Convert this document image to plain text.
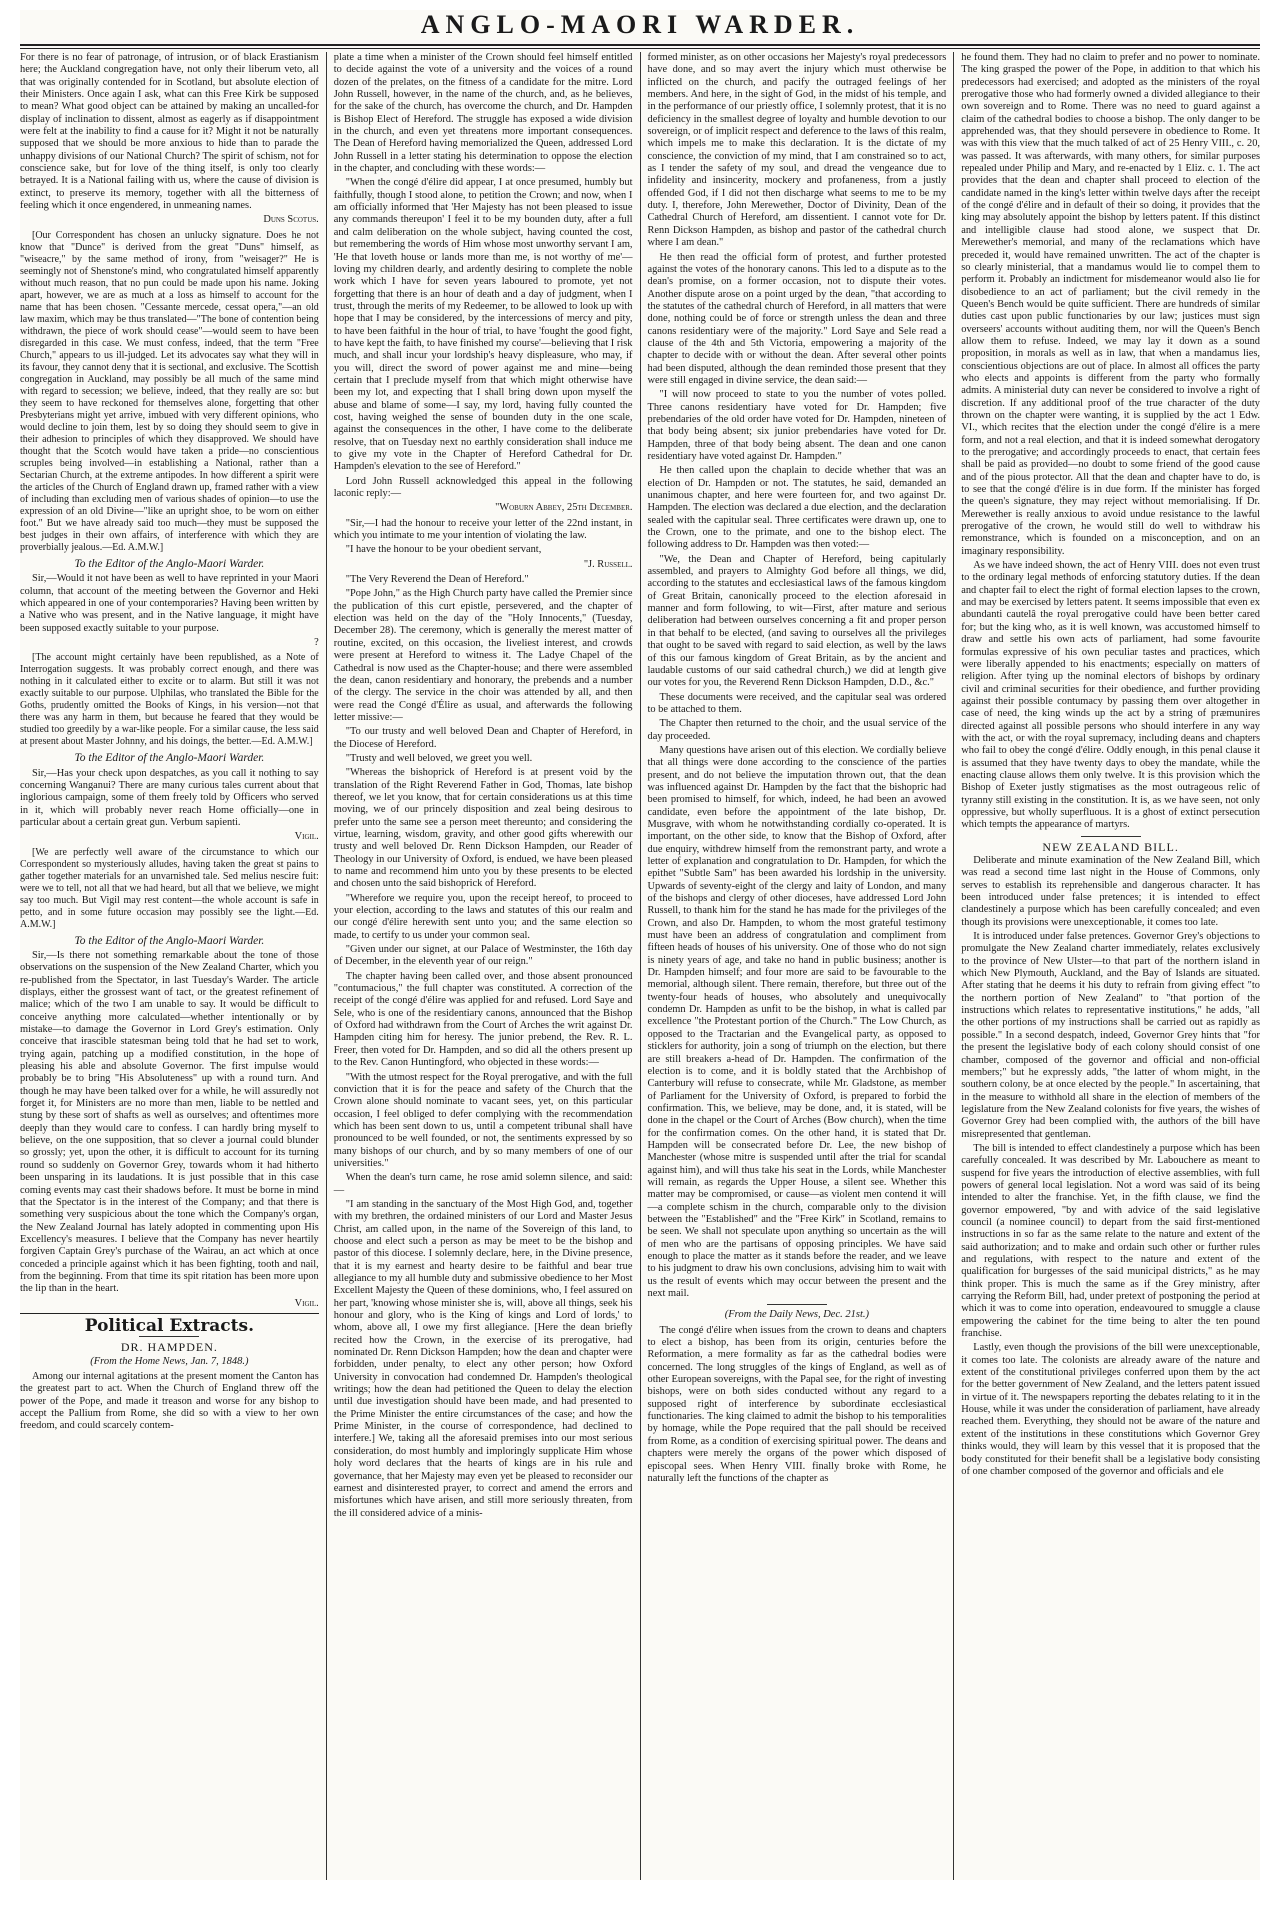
ANGLO-MAORI WARDER.

For there is no fear of patronage, of intrusion, or of black Erastianism here; the Auckland congregation have, not only their liberum veto, all that was originally contended for in Scotland, but absolute election of their Ministers. Once again I ask, what can this Free Kirk be supposed to mean? What good object can be attained by making an uncalled-for display of inclination to dissent, almost as eagerly as if disappointment were felt at the inability to find a cause for it? Might it not be naturally supposed that we should be more anxious to hide than to parade the unhappy divisions of our National Church? The spirit of schism, not for conscience sake, but for love of the thing itself, is only too clearly betrayed. It is a National failing with us, where the cause of division is extinct, to preserve its memory, together with all the bitterness of feeling which it once engendered, in unmeaning names.

Duns Scotus.

[Our Correspondent has chosen an unlucky signature. Does he not know that "Dunce" is derived from the great "Duns" himself, as "wiseacre," by the same method of irony, from "weisager?" He is seemingly not of Shenstone's mind, who congratulated himself apparently without much reason, that no pun could be made upon his name. Joking apart, however, we are as much at a loss as himself to account for the name that has been chosen. "Cessante mercede, cessat opera,"—an old law maxim, which may be thus translated—"The bone of contention being withdrawn, the piece of work should cease"—would seem to have been disregarded in this case. We must confess, indeed, that the term "Free Church," appears to us ill-judged. Let its advocates say what they will in its favour, they cannot deny that it is sectional, and exclusive. The Scottish congregation in Auckland, may possibly be all much of the same mind with regard to secession; we believe, indeed, that they really are so: but they seem to have reckoned for themselves alone, forgetting that other Presbyterians might yet arrive, imbued with very different opinions, who would decline to join them, lest by so doing they should seem to give in their adhesion to principles of which they disapproved. We should have thought that the Scotch would have taken a pride—no conscientious scruples being involved—in establishing a National, rather than a Sectarian Church, at the extreme antipodes. In how different a spirit were the articles of the Church of England drawn up, framed rather with a view of including than excluding men of various shades of opinion—to use the expression of an old Divine—"like an upright shoe, to be worn on either foot." But we have already said too much—they must be supposed the best judges in their own affairs, of interference with which they are proverbially jealous.—Ed. A.M.W.]

To the Editor of the Anglo-Maori Warder.

Sir,—Would it not have been as well to have reprinted in your Maori column, that account of the meeting between the Governor and Heki which appeared in one of your contemporaries? Having been written by a Native who was present, and in the Native language, it might have been supposed exactly suitable to your purpose.

?

[The account might certainly have been republished, as a Note of Interrogation suggests. It was probably correct enough, and there was nothing in it calculated either to excite or to alarm. But still it was not exactly suitable to our purpose. Ulphilas, who translated the Bible for the Goths, prudently omitted the Books of Kings, in his version—not that there was any harm in them, but because he feared that they would be studied too greedily by a war-like people. For a similar cause, the less said at present about Master Johnny, and his doings, the better.—Ed. A.M.W.]

To the Editor of the Anglo-Maori Warder.

Sir,—Has your check upon despatches, as you call it nothing to say concerning Wanganui? There are many curious tales current about that inglorious campaign, some of them freely told by Officers who served in it, which will probably never reach Home officially—one in particular about a certain great gun. Verbum sapienti.

Vigil.

[We are perfectly well aware of the circumstance to which our Correspondent so mysteriously alludes, having taken the great st pains to gather together materials for an unvarnished tale. Sed melius nescire fuit: were we to tell, not all that we had heard, but all that we believe, we might say too much. But Vigil may rest content—the whole account is safe in petto, and in some future occasion may possibly see the light.—Ed. A.M.W.]

To the Editor of the Anglo-Maori Warder.

Sir,—Is there not something remarkable about the tone of those observations on the suspension of the New Zealand Charter, which you re-published from the Spectator, in last Tuesday's Warder. The article displays, either the grossest want of tact, or the greatest refinement of malice; which of the two I am unable to say. It would be difficult to conceive anything more calculated—whether intentionally or by mistake—to damage the Governor in Lord Grey's estimation. Only conceive that irascible statesman being told that he had set to work, trying again, patching up a modified constitution, in the hope of pleasing his able and absolute Governor. The first impulse would probably be to bring "His Absoluteness" up with a round turn. And though he may have been talked over for a while, he will assuredly not forget it, for Ministers are no more than men, liable to be nettled and stung by these sort of shafts as well as ourselves; and oftentimes more deeply than they would care to confess. I can hardly bring myself to believe, on the one supposition, that so clever a journal could blunder so grossly; yet, upon the other, it is difficult to account for its turning round so suddenly on Governor Grey, towards whom it had hitherto been unsparing in its laudations. It is just possible that in this case coming events may cast their shadows before. It must be borne in mind that the Spectator is in the interest of the Company; and that there is something very suspicious about the tone which the Company's organ, the New Zealand Journal has lately adopted in commenting upon His Excellency's measures. I believe that the Company has never heartily forgiven Captain Grey's purchase of the Wairau, an act which at once conceded a principle against which it has been fighting, tooth and nail, from the beginning. From that time its spit ritation has been more upon the lip than in the heart.

Vigil.
Political Extracts.
DR. HAMPDEN.
(From the Home News, Jan. 7, 1848.)

Among our internal agitations at the present moment the Canton has the greatest part to act. When the Church of England threw off the power of the Pope, and made it treason and worse for any bishop to accept the Pallium from Rome, she did so with a view to her own freedom, and could scarcely contem-

plate a time when a minister of the Crown should feel himself entitled to decide against the vote of a university and the voices of a round dozen of the prelates, on the fitness of a candidate for the mitre. Lord John Russell, however, in the name of the church, and, as he believes, for the sake of the church, has overcome the church, and Dr. Hampden is Bishop Elect of Hereford. The struggle has exposed a wide division in the church, and even yet threatens more important consequences. The Dean of Hereford having memorialized the Queen, addressed Lord John Russell in a letter stating his determination to oppose the election in the chapter, and concluding with these words:—

"When the congé d'élire did appear, I at once presumed, humbly but faithfully, though I stood alone, to petition the Crown; and now, when I am officially informed that 'Her Majesty has not been pleased to issue any commands thereupon' I feel it to be my bounden duty, after a full and calm deliberation on the whole subject, having counted the cost, but remembering the words of Him whose most unworthy servant I am, 'He that loveth house or lands more than me, is not worthy of me'—loving my children dearly, and ardently desiring to complete the noble work which I have for seven years laboured to promote, yet not forgetting that there is an hour of death and a day of judgment, when I trust, through the merits of my Redeemer, to be allowed to look up with hope that I may be considered, by the intercessions of mercy and pity, to have been faithful in the hour of trial, to have 'fought the good fight, to have kept the faith, to have finished my course'—believing that I risk much, and shall incur your lordship's heavy displeasure, who may, if you will, direct the sword of power against me and mine—being certain that I preclude myself from that which might otherwise have been my lot, and expecting that I shall bring down upon myself the abuse and blame of some—I say, my lord, having fully counted the cost, having weighed the sense of bounden duty in the one scale, against the consequences in the other, I have come to the deliberate resolve, that on Tuesday next no earthly consideration shall induce me to give my vote in the Chapter of Hereford Cathedral for Dr. Hampden's elevation to the see of Hereford."

Lord John Russell acknowledged this appeal in the following laconic reply:—

"Woburn Abbey, 25th December.

"Sir,—I had the honour to receive your letter of the 22nd instant, in which you intimate to me your intention of violating the law.

"I have the honour to be your obedient servant,

"J. Russell.

"The Very Reverend the Dean of Hereford."

"Pope John," as the High Church party have called the Premier since the publication of this curt epistle, persevered, and the chapter of election was held on the day of the "Holy Innocents," (Tuesday, December 28). The ceremony, which is generally the merest matter of routine, excited, on this occasion, the liveliest interest, and crowds were present at Hereford to witness it. The Ladye Chapel of the Cathedral is now used as the Chapter-house; and there were assembled the dean, canon residentiary and honorary, the prebends and a number of the clergy. The service in the choir was attended by all, and then were read the Congé d'Élire as usual, and afterwards the following letter missive:—

"To our trusty and well beloved Dean and Chapter of Hereford, in the Diocese of Hereford.

"Trusty and well beloved, we greet you well.

"Whereas the bishoprick of Hereford is at present void by the translation of the Right Reverend Father in God, Thomas, late bishop thereof, we let you know, that for certain considerations us at this time moving, we of our princely disposition and zeal being desirous to prefer unto the same see a person meet thereunto; and considering the virtue, learning, wisdom, gravity, and other good gifts wherewith our trusty and well beloved Dr. Renn Dickson Hampden, our Reader of Theology in our University of Oxford, is endued, we have been pleased to name and recommend him unto you by these presents to be elected and chosen unto the said bishoprick of Hereford.

"Wherefore we require you, upon the receipt hereof, to proceed to your election, according to the laws and statutes of this our realm and our congé d'élire herewith sent unto you; and the same election so made, to certify to us under your common seal.

"Given under our signet, at our Palace of Westminster, the 16th day of December, in the eleventh year of our reign."

The chapter having been called over, and those absent pronounced "contumacious," the full chapter was constituted. A correction of the receipt of the congé d'élire was applied for and refused. Lord Saye and Sele, who is one of the residentiary canons, announced that the Bishop of Oxford had withdrawn from the Court of Arches the writ against Dr. Hampden citing him for heresy. The junior prebend, the Rev. R. L. Freer, then voted for Dr. Hampden, and so did all the others present up to the Rev. Canon Huntingford, who objected in these words:—

"With the utmost respect for the Royal prerogative, and with the full conviction that it is for the peace and safety of the Church that the Crown alone should nominate to vacant sees, yet, on this particular occasion, I feel obliged to defer complying with the recommendation which has been sent down to us, until a competent tribunal shall have pronounced to be well founded, or not, the sentiments expressed by so many bishops of our church, and by so many members of one of our universities."

When the dean's turn came, he rose amid solemn silence, and said:—

"I am standing in the sanctuary of the Most High God, and, together with my brethren, the ordained ministers of our Lord and Master Jesus Christ, am called upon, in the name of the Sovereign of this land, to choose and elect such a person as may be meet to be the bishop and pastor of this diocese. I solemnly declare, here, in the Divine presence, that it is my earnest and hearty desire to be faithful and bear true allegiance to my all humble duty and submissive obedience to her Most Excellent Majesty the Queen of these dominions, who, I feel assured on her part, 'knowing whose minister she is, will, above all things, seek his honour and glory, who is the King of kings and Lord of lords,' to whom, above all, I owe my first allegiance. [Here the dean briefly recited how the Crown, in the exercise of its prerogative, had nominated Dr. Renn Dickson Hampden; how the dean and chapter were forbidden, under penalty, to elect any other person; how Oxford University in convocation had condemned Dr. Hampden's theological writings; how the dean had petitioned the Queen to delay the election until due investigation should have been made, and had presented to the Prime Minister the entire circumstances of the case; and how the Prime Minister, in the course of correspondence, had declined to interfere.] We, taking all the aforesaid premises into our most serious consideration, do most humbly and imploringly supplicate Him whose holy word declares that the hearts of kings are in his rule and governance, that her Majesty may even yet be pleased to reconsider our earnest and disinterested prayer, to correct and amend the errors and misfortunes which have arisen, and still more seriously threaten, from the ill considered advice of a minis-

formed minister, as on other occasions her Majesty's royal predecessors have done, and so may avert the injury which must otherwise be inflicted on the church, and pacify the outraged feelings of her members. And here, in the sight of God, in the midst of his temple, and in the performance of our priestly office, I solemnly protest, that it is no deficiency in the smallest degree of loyalty and humble devotion to our sovereign, or of implicit respect and deference to the laws of this realm, which impels me to make this declaration. It is the dictate of my conscience, the conviction of my mind, that I am constrained so to act, as I tender the safety of my soul, and dread the vengeance due to infidelity and insincerity, mockery and profaneness, from a justly offended God, if I did not then discharge what seems to me to be my duty. I, therefore, John Merewether, Doctor of Divinity, Dean of the Cathedral Church of Hereford, am dissentient. I cannot vote for Dr. Renn Dickson Hampden, as bishop and pastor of the cathedral church where I am dean."

He then read the official form of protest, and further protested against the votes of the honorary canons. This led to a dispute as to the dean's promise, on a former occasion, not to dispute their votes. Another dispute arose on a point urged by the dean, "that according to the statutes of the cathedral church of Hereford, in all matters that were done, nothing could be of force or strength unless the dean and three canons residentiary were of the majority." Lord Saye and Sele read a clause of the 4th and 5th Victoria, empowering a majority of the chapter to decide with or without the dean. After several other points had been disputed, although the dean reminded those present that they were still engaged in divine service, the dean said:—

"I will now proceed to state to you the number of votes polled. Three canons residentiary have voted for Dr. Hampden; five prebendaries of the old order have voted for Dr. Hampden, nineteen of that body being absent; six junior prebendaries have voted for Dr. Hampden, three of that body being absent. The dean and one canon residentiary have voted against Dr. Hampden."

He then called upon the chaplain to decide whether that was an election of Dr. Hampden or not. The statutes, he said, demanded an unanimous chapter, and here were fourteen for, and two against Dr. Hampden. The election was declared a due election, and the declaration sealed with the capitular seal. Three certificates were drawn up, one to the Crown, one to the primate, and one to the bishop elect. The following address to Dr. Hampden was then voted:—

"We, the Dean and Chapter of Hereford, being capitularly assembled, and prayers to Almighty God before all things, we did, according to the statutes and ecclesiastical laws of the famous kingdom of Great Britain, canonically proceed to the election aforesaid in manner and form following, to wit—First, after mature and serious deliberation had between ourselves concerning a fit and proper person in that behalf to be elected, (and saving to ourselves all the privileges that ought to be saved with regard to said election, as well by the laws of this our famous kingdom of Great Britain, as by the ancient and laudable customs of our said cathedral church,) we did at length give our votes for you, the Reverend Renn Dickson Hampden, D.D., &c."

These documents were received, and the capitular seal was ordered to be attached to them.

The Chapter then returned to the choir, and the usual service of the day proceeded.

Many questions have arisen out of this election. We cordially believe that all things were done according to the conscience of the parties present, and do not believe the imputation thrown out, that the dean was influenced against Dr. Hampden by the fact that the bishopric had been promised to himself, for which, indeed, he had been an avowed candidate, even before the appointment of the late bishop, Dr. Musgrave, with whom he notwithstanding cordially co-operated. It is important, on the other side, to know that the Bishop of Oxford, after due enquiry, withdrew himself from the remonstrant party, and wrote a letter of explanation and congratulation to Dr. Hampden, for which the epithet "Subtle Sam" has been awarded his lordship in the university. Upwards of seventy-eight of the clergy and laity of London, and many of the bishops and clergy of other dioceses, have addressed Lord John Russell, to thank him for the stand he has made for the privileges of the Crown, and also Dr. Hampden, to whom the most grateful testimony must have been an address of congratulation and compliment from fifteen heads of houses of his university. One of those who do not sign is ninety years of age, and take no hand in public business; another is Dr. Hampden himself; and four more are said to be favourable to the memorial, although silent. There remain, therefore, but three out of the twenty-four heads of houses, who absolutely and unequivocally condemn Dr. Hampden as unfit to be the bishop, in what is called par excellence "the Protestant portion of the Church." The Low Church, as opposed to the Tractarian and the Evangelical party, as opposed to sticklers for authority, join a song of triumph on the election, but there are still breakers a-head of Dr. Hampden. The confirmation of the election is to come, and it is boldly stated that the Archbishop of Canterbury will refuse to consecrate, while Mr. Gladstone, as member of Parliament for the University of Oxford, is prepared to forbid the confirmation. This, we believe, may be done, and, it is stated, will be done in the chapel or the Court of Arches (Bow church), when the time for the confirmation comes. On the other hand, it is stated that Dr. Hampden will be consecrated before Dr. Lee, the new bishop of Manchester (whose mitre is suspended until after the trial for scandal against him), and will thus take his seat in the Lords, while Manchester will remain, as regards the Upper House, a silent see. Whether this matter may be compromised, or cause—as violent men contend it will—a complete schism in the church, comparable only to the division between the "Established" and the "Free Kirk" in Scotland, remains to be seen. We shall not speculate upon anything so uncertain as the will of men who are the partisans of opposing principles. We have said enough to place the matter as it stands before the reader, and we leave to his judgment to draw his own conclusions, advising him to wait with us the result of events which may occur between the present and the next mail.

(From the Daily News, Dec. 21st.)

The congé d'élire when issues from the crown to deans and chapters to elect a bishop, has been from its origin, centuries before the Reformation, a mere formality as far as the cathedral bodies were concerned. The long struggles of the kings of England, as well as of other European sovereigns, with the Papal see, for the right of investing bishops, were on both sides conducted without any regard to a supposed right of interference by subordinate ecclesiastical functionaries. The king claimed to admit the bishop to his temporalities by homage, while the Pope required that the pall should be received from Rome, as a condition of exercising spiritual power. The deans and chapters were merely the organs of the power which disposed of episcopal sees. When Henry VIII. finally broke with Rome, he naturally left the functions of the chapter as

he found them. They had no claim to prefer and no power to nominate. The king grasped the power of the Pope, in addition to that which his predecessors had exercised; and adopted as the ministers of the royal prerogative those who had formerly owned a divided allegiance to their own sovereign and to Rome. There was no need to guard against a claim of the cathedral bodies to choose a bishop. The only danger to be apprehended was, that they should persevere in obedience to Rome. It was with this view that the much talked of act of 25 Henry VIII., c. 20, was passed. It was afterwards, with many others, for similar purposes repealed under Philip and Mary, and re-enacted by 1 Eliz. c. 1. The act provides that the dean and chapter shall proceed to election of the candidate named in the king's letter within twelve days after the receipt of the congé d'élire and in default of their so doing, it provides that the king may absolutely appoint the bishop by letters patent. If this distinct and intelligible clause had stood alone, we suspect that Dr. Merewether's memorial, and many of the reclamations which have preceded it, would have remained unwritten. The act of the chapter is so clearly ministerial, that a mandamus would lie to compel them to perform it. Probably an indictment for misdemeanor would also lie for disobedience to an act of parliament; but the civil remedy in the Queen's Bench would be quite sufficient. There are hundreds of similar duties cast upon public functionaries by our law; justices must sign overseers' accounts without auditing them, nor will the Queen's Bench allow them to refuse. Indeed, we may lay it down as a sound proposition, in morals as well as in law, that when a mandamus lies, conscientious objections are out of place. In almost all offices the party who elects and appoints is different from the party who formally admits. A ministerial duty can never be considered to involve a right of discretion. If any additional proof of the true character of the duty thrown on the chapter were wanting, it is supplied by the act 1 Edw. VI., which recites that the election under the congé d'élire is a mere form, and not a real election, and that it is indeed somewhat derogatory to the prerogative; and accordingly proceeds to enact, that certain fees shall be paid as provided—no doubt to some friend of the good cause and of the pious protector. All that the dean and chapter have to do, is to see that the congé d'élire is in due form. If the minister has forged the queen's signature, they may reject without memorialising. If Dr. Merewether is really anxious to avoid undue resistance to the lawful prerogative of the crown, he would still do well to withdraw his remonstrance, which is founded on a misconception, and on an imaginary responsibility.

As we have indeed shown, the act of Henry VIII. does not even trust to the ordinary legal methods of enforcing statutory duties. If the dean and chapter fail to elect the right of formal election lapses to the crown, and may be exercised by letters patent. It seems impossible that even ex abundanti cautelâ the royal prerogative could have been better cared for; but the king who, as it is well known, was accustomed himself to draw and settle his own acts of parliament, had some favourite formulas expressive of his own peculiar tastes and practices, which were liberally appended to his enactments; especially on matters of religion. After tying up the nominal electors of bishops by ordinary civil and criminal securities for their obedience, and further providing against their possible contumacy by passing them over altogether in case of need, the king winds up the act by a string of præmunires directed against all possible persons who should interfere in any way with the act, or with the royal supremacy, including deans and chapters who fail to obey the congé d'élire. Oddly enough, in this penal clause it is assumed that they have twenty days to obey the mandate, while the enacting clause allows them only twelve. It is this provision which the Bishop of Exeter justly stigmatises as the most outrageous relic of tyranny still existing in the constitution. It is, as we have seen, not only oppressive, but wholly superfluous. It is a ghost of extinct persecution which tempts the appearance of martyrs.

NEW ZEALAND BILL.

Deliberate and minute examination of the New Zealand Bill, which was read a second time last night in the House of Commons, only serves to establish its reprehensible and dangerous character. It has been introduced under false pretences; it is intended to effect clandestinely a purpose which has been carefully concealed; and even though its provisions were unexceptionable, it comes too late.

It is introduced under false pretences. Governor Grey's objections to promulgate the New Zealand charter immediately, relates exclusively to the province of New Ulster—to that part of the northern island in which New Plymouth, Auckland, and the Bay of Islands are situated. After stating that he deems it his duty to refrain from giving effect "to the northern portion of New Zealand" to "that portion of the instructions which relates to representative institutions," he adds, "all the other portions of my instructions shall be carried out as rapidly as possible." In a second despatch, indeed, Governor Grey hints that "for the present the legislative body of each colony should consist of one chamber, composed of the governor and official and non-official members;" but he expressly adds, "the latter of whom might, in the southern colony, be at once elected by the people." In ascertaining, that in the measure to withhold all share in the election of members of the legislature from the New Zealand colonists for five years, the wishes of Governor Grey had been complied with, the authors of the bill have misrepresented that gentleman.

The bill is intended to effect clandestinely a purpose which has been carefully concealed. It was described by Mr. Labouchere as meant to suspend for five years the introduction of elective assemblies, with full powers of general local legislation. Not a word was said of its being intended to alter the franchise. Yet, in the fifth clause, we find the governor empowered, "by and with advice of the said legislative council (a nominee council) to depart from the said first-mentioned instructions in so far as the same relate to the nature and extent of the said authorization; and to make and ordain such other or further rules and regulations, with respect to the nature and extent of the qualification for burgesses of the said municipal districts," as he may think proper. This is much the same as if the Grey ministry, after carrying the Reform Bill, had, under pretext of postponing the period at which it was to come into operation, endeavoured to smuggle a clause empowering the cabinet for the time being to alter the ten pound franchise.

Lastly, even though the provisions of the bill were unexceptionable, it comes too late. The colonists are already aware of the nature and extent of the constitutional privileges conferred upon them by the act for the better government of New Zealand, and the letters patent issued in virtue of it. The newspapers reporting the debates relating to it in the House, while it was under the consideration of parliament, have already reached them. Everything, they should not be aware of the nature and extent of the institutions in these constitutions which Governor Grey thinks would, they will learn by this vessel that it is proposed that the body constituted for their benefit shall be a legislative body consisting of one chamber composed of the governor and officials and ele
